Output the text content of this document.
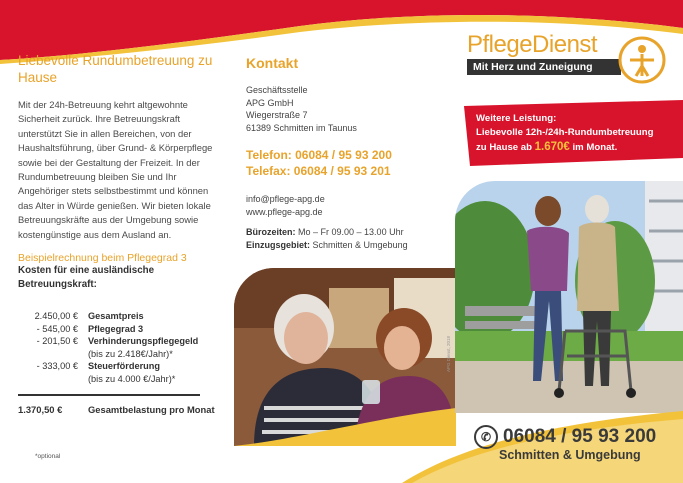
Liebevolle Rundumbetreuung zu Hause
Mit der 24h-Betreuung kehrt altgewohnte Sicherheit zurück. Ihre Betreuungskraft unterstützt Sie in allen Bereichen, von der Haushaltsführung, über Grund- & Körperpflege sowie bei der Gestaltung der Freizeit. In der Rundumbetreuung bleiben Sie und Ihr Angehöriger stets selbstbestimmt und können das Alter in Würde genießen. Wir bieten lokale Betreuungskräfte aus der Umgebung sowie kostengünstige aus dem Ausland an.
Beispielrechnung beim Pflegegrad 3
Kosten für eine ausländische Betreuungskraft:
2.450,00 €	Gesamtpreis
- 545,00 €	Pflegegrad 3
- 201,50 €	Verhinderungspflegegeld
(bis zu 2.418€/Jahr)*
- 333,00 €	Steuerförderung
(bis zu 4.000 €/Jahr)*
1.370,50 €	Gesamtbelastung pro Monat
*optional
Kontakt
Geschäftsstelle
APG GmbH
Wiegerstraße 7
61389 Schmitten im Taunus
Telefon: 06084 / 95 93 200
Telefax: 06084 / 95 93 201
info@pflege-apg.de
www.pflege-apg.de
Bürozeiten: Mo – Fr 09.00 – 13.00 Uhr
Einzugsgebiet: Schmitten & Umgebung
APG Dienst, 2018
PflegeDienst
Mit Herz und Zuneigung
Weitere Leistung:
Liebevolle 12h-/24h-Rundumbetreuung
zu Hause ab 1.670€ im Monat.
✆ 06084 / 95 93 200
Schmitten & Umgebung
